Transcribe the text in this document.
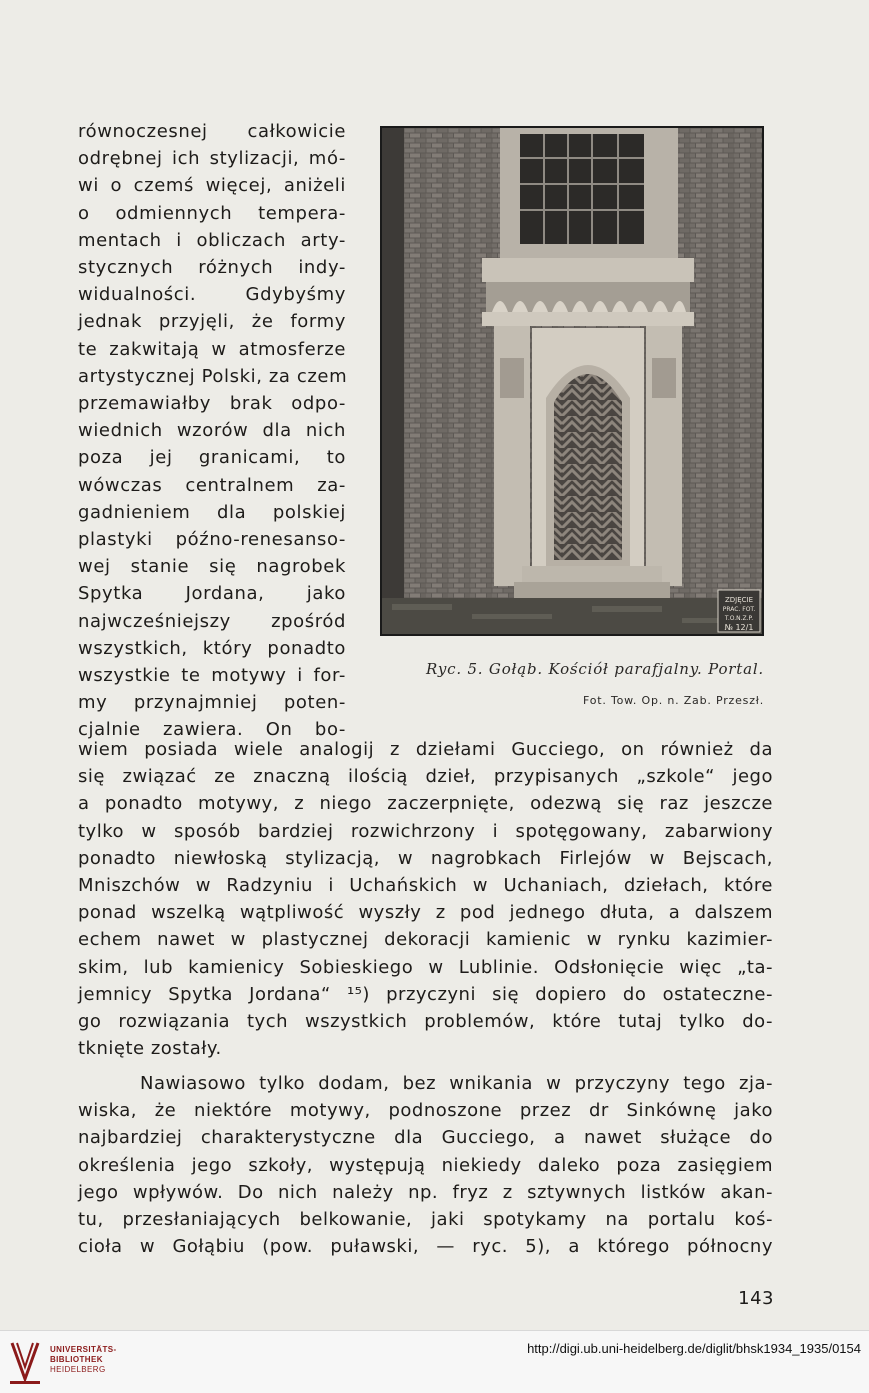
równoczesnej całkowicie
odrębnej ich stylizacji, mó-
wi o czemś więcej, aniżeli
o odmiennych tempera-
mentach i obliczach arty-
stycznych różnych indy-
widualności. Gdybyśmy
jednak przyjęli, że formy
te zakwitają w atmosferze
artystycznej Polski, za czem
przemawiałby brak odpo-
wiednich wzorów dla nich
poza jej granicami, to
wówczas centralnem za-
gadnieniem dla polskiej
plastyki późno-renesanso-
wej stanie się nagrobek
Spytka Jordana, jako
najwcześniejszy zpośród
wszystkich, który ponadto
wszystkie te motywy i for-
my przynajmniej poten-
cjalnie zawiera. On bo-
ZDJĘCIE
PRAC. FOT.
T.O.N.Z.P.
№ 12/1
Ryc. 5. Gołąb. Kościół parafjalny. Portal.
Fot. Tow. Op. n. Zab. Przeszł.
wiem posiada wiele analogij z dziełami Gucciego, on również da
się związać ze znaczną ilością dzieł, przypisanych „szkole“ jego
a ponadto motywy, z niego zaczerpnięte, odezwą się raz jeszcze
tylko w sposób bardziej rozwichrzony i spotęgowany, zabarwiony
ponadto niewłoską stylizacją, w nagrobkach Firlejów w Bejscach,
Mniszchów w Radzyniu i Uchańskich w Uchaniach, dziełach, które
ponad wszelką wątpliwość wyszły z pod jednego dłuta, a dalszem
echem nawet w plastycznej dekoracji kamienic w rynku kazimier-
skim, lub kamienicy Sobieskiego w Lublinie. Odsłonięcie więc „ta-
jemnicy Spytka Jordana“ ¹⁵) przyczyni się dopiero do ostateczne-
go rozwiązania tych wszystkich problemów, które tutaj tylko do-
tknięte zostały.
Nawiasowo tylko dodam, bez wnikania w przyczyny tego zja-
wiska, że niektóre motywy, podnoszone przez dr Sinkównę jako
najbardziej charakterystyczne dla Gucciego, a nawet służące do
określenia jego szkoły, występują niekiedy daleko poza zasięgiem
jego wpływów. Do nich należy np. fryz z sztywnych listków akan-
tu, przesłaniających belkowanie, jaki spotykamy na portalu koś-
cioła w Gołąbiu (pow. puławski, — ryc. 5), a którego północny
143
UNIVERSITÄTS-
BIBLIOTHEK
HEIDELBERG
http://digi.ub.uni-heidelberg.de/diglit/bhsk1934_1935/0154
